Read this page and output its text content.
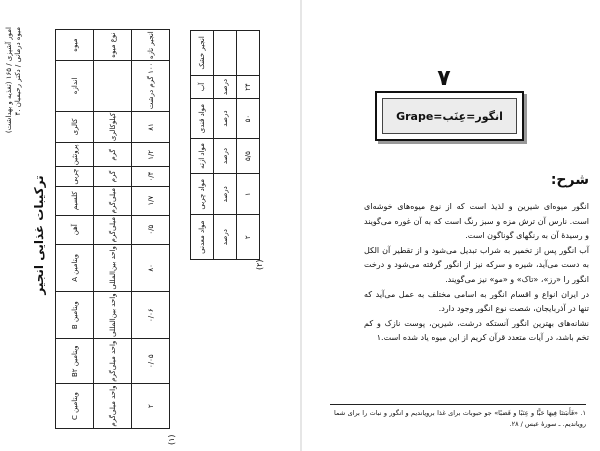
(تغذیه و بهداشت) امور آشپزی / ۱۶۵
۴. میوه درمانی / دکتر رحیمیان
ترکیبات غذایی انجیر
میوه	اندازه	کالری	پروتئین	چربی	کلسیم	آهن	ویتامین A	ویتامین B	ویتامین B۲	ویتامین C
نوع میوه		کیلوکالری	گرم	گرم	میلی‌گرم	میلی‌گرم	واحد بین‌المللی	واحد بین‌المللی	واحد میلی‌گرم	واحد میلی‌گرم
انجیر تازه	۱۰۰ گرم درشت	۸۱	۱/۲	۰/۴	۱/۷	۰/۵	۸۰	۰/۰۶	۰/۰۵	۲
(۱)
انجیر خشک	آب	مواد قندی	مواد ازته	مواد چربی	مواد معدنی
	درصد	درصد	درصد	درصد	درصد
	۲۴	۵۰	۵/۵	۱	۲
(۲)
۷
انگور
=
عِنَب
=
Grape
شرح:

انگور میوه‌ای شیرین و لذیذ است که از نوع میوه‌های خوشه‌ای است. نارس آن ترش مزه و سبز رنگ است که به آن غوره می‌گویند و رسیدهٔ آن به رنگهای گوناگون است.

آب انگور پس از تخمیر به شراب تبدیل می‌شود و از تقطیر آن الکل به دست می‌آید، شیره و سرکه نیز از انگور گرفته می‌شود و درخت انگور را «رز»، «تاک» و «مو» نیز می‌گویند.

در ایران انواع و اقسام انگور به اسامی مختلف به عمل می‌آید که تنها در آذربایجان، شصت نوع انگور وجود دارد.

نشانه‌های بهترین انگور آنستکه درشت، شیرین، پوست نازک و کم تخم باشد، در آیات متعدد قرآن کریم از این میوه یاد شده است.۱

۱. «فَأَنبَتنَا فِیهَا حَبًّا و عِنَبًا و قَضبًا» جو حبوبات برای غذا بروياندیم و انگور و نبات را برای شما رویاندیم. ـ سورهٔ عبس / ۲۸.
